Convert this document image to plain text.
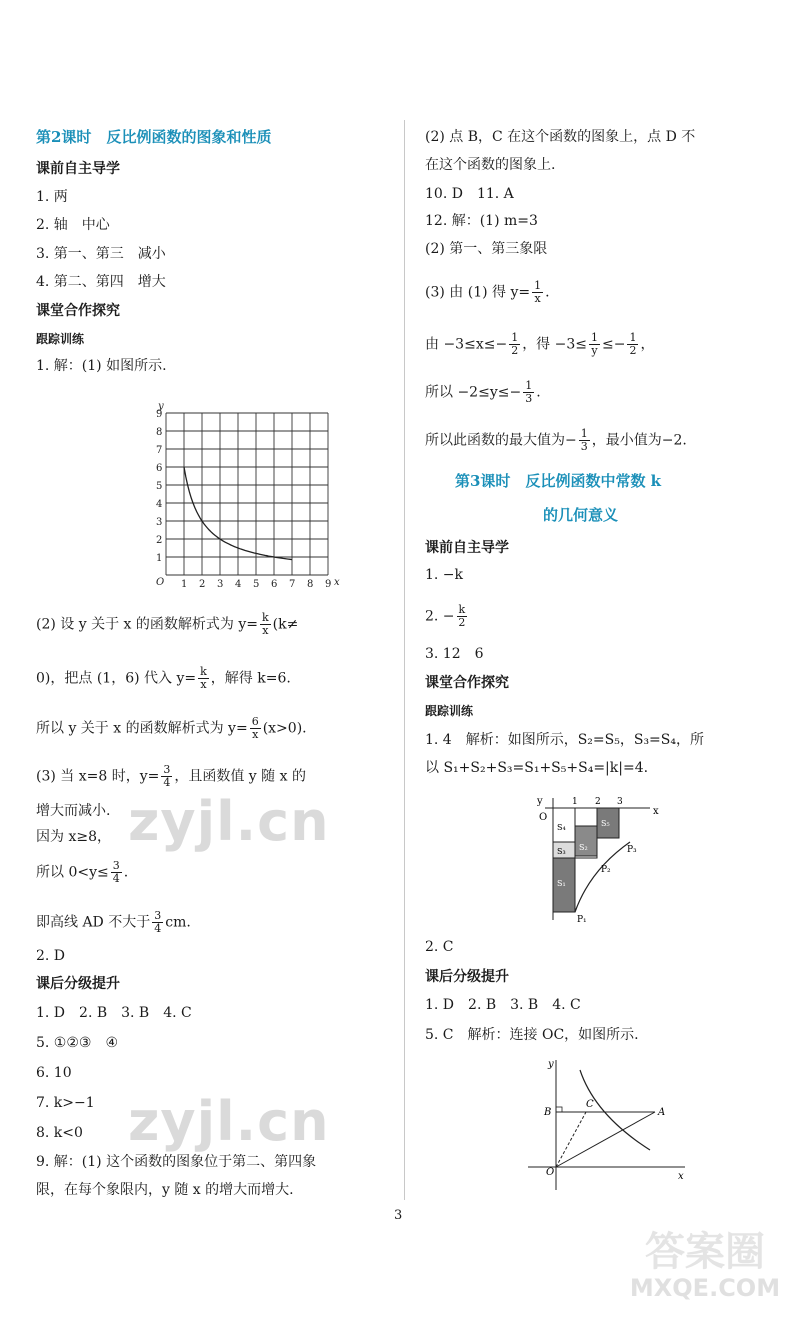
第2课时　反比例函数的图象和性质
课前自主导学
1. 两
2. 轴　中心
3. 第一、第三　减小
4. 第二、第四　增大
课堂合作探究
跟踪训练
1. 解：(1) 如图所示.
1 2 3 4 5 6 7 8 9
1
2
3
4
5
6
7
8
9
O	x
y
(2) 设 y 关于 x 的函数解析式为 $y= \frac{k}{x} (k\ne$
0)，把点 (1，6) 代入 $y= \frac{k}{x}$ ，解得 k=6.
所以 y 关于 x 的函数解析式为 $y= \frac{6}{x} (x>0)$.
(3) 当 x=8 时，$y= \frac{3}{4}$ ，且函数值 y 随 x 的
增大而减小.
因为 x≥8，
所以 $0<y\le \frac{3}{4}$ .
即高线 AD 不大于 $\frac{3}{4}$ cm.
2. D
课后分级提升
1. D　2. B　3. B　4. C
5. ①②③　④
6. 10
7. k>−1
8. k<0
9. 解：(1) 这个函数的图象位于第二、第四象
限，在每个象限内，y 随 x 的增大而增大.
(2) 点 B，C 在这个函数的图象上，点 D 不
在这个函数的图象上.
10. D　11. A
12. 解：(1) m=3
(2) 第一、第三象限
(3) 由 (1) 得 $y= \frac{1}{x}$ .
由 $-3\le x\le- \frac{1}{2}$ ，得 $-3\le \frac{1}{y} \le- \frac{1}{2}$ ，
所以 $-2\le y\le- \frac{1}{3}$ .
所以此函数的最大值为− $\frac{1}{3}$ ，最小值为−2.
第3课时　反比例函数中常数 k
的几何意义
课前自主导学
1. −k
2. − $\frac{k}{2}$
3. 12　6
课堂合作探究
跟踪训练
1. 4　解析：如图所示，S₂=S₅，S₃=S₄，所
以 S₁+S₂+S₃=S₁+S₅+S₄=|k|=4.
y
O
x
1 2 3
S₄
S₃ S₂
S₅
S₁
P₁
P₂
P₃
2. C
课后分级提升
1. D　2. B　3. B　4. C
5. C　解析：连接 OC，如图所示.
y
x
O
B
C
A
zyjl.cn
zyjl.cn
3
答案圈
MXQE.COM
